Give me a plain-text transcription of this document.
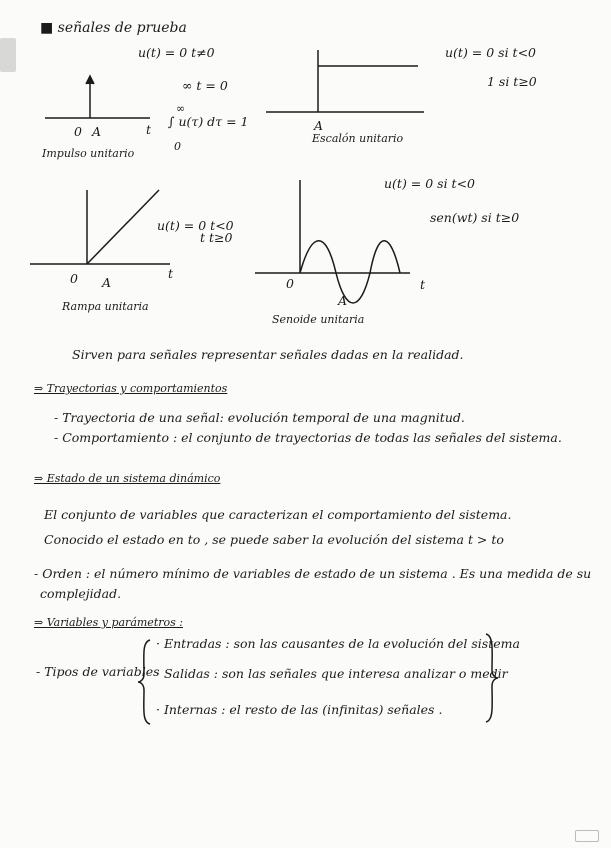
■ señales de prueba
0 A	t
Impulso unitario
u(t) = 0 t≠0
∞ t = 0
∞
∫ u(τ) dτ = 1
0
A
Escalón unitario
u(t) = 0 si t<0
1 si t≥0
0 A
t
Rampa unitaria
u(t) = 0 t<0
t t≥0
0
A
t
Senoide unitaria
u(t) = 0 si t<0
sen(wt) si t≥0
Sirven para señales representar señales dadas en la realidad.
⇒ Trayectorias y comportamientos
- Trayectoria de una señal: evolución temporal de una magnitud.
- Comportamiento : el conjunto de trayectorias de todas las señales del sistema.
⇒ Estado de un sistema dinámico
El conjunto de variables que caracterizan el comportamiento del sistema.
Conocido el estado en to , se puede saber la evolución del sistema t > to
- Orden : el número mínimo de variables de estado de un sistema . Es una medida de su
complejidad.
⇒ Variables y parámetros :
- Tipos de variables
· Entradas : son las causantes de la evolución del sistema
· Salidas : son las señales que interesa analizar o medir
· Internas : el resto de las (infinitas) señales .
